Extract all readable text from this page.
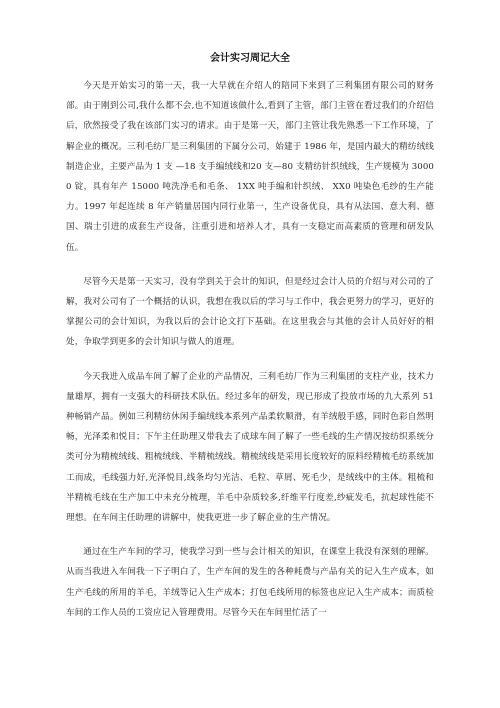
会计实习周记大全

今天是开始实习的第一天，我一大早就在介绍人的陪同下来到了三利集团有限公司的财务部。由于刚到公司,我什么都不会,也不知道该做什么,看到了主管，部门主管在看过我们的介绍信后，欣然接受了我在该部门实习的请求。由于是第一天，部门主管让我先熟悉一下工作环境，了解企业的概况。三利毛纺厂是三利集团的下属分公司，始建于 1986 年，是国内最大的精纺绒线制造企业，主要产品为 1 支 —18 支手编绒线和20 支—80 支精纺针织绒线，生产规模为 30000 锭，具有年产 15000 吨洗净毛和毛条、 1XX 吨手编和针织绒、 XX0 吨染色毛纱的生产能力。1997 年起连续 8 年产销量居国内同行业第一，生产设备优良，具有从法国、意大利、德国、瑞士引进的成套生产设备，注重引进和培养人才，具有一支稳定而高素质的管理和研发队伍。

尽管今天是第一天实习，没有学到关于会计的知识，但是经过会计人员的介绍与对公司的了解，我对公司有了一个概括的认识，我想在我以后的学习与工作中，我会更努力的学习，更好的掌握公司的会计知识，为我以后的会计论文打下基础。在这里我会与其他的会计人员好好的相处，争取学到更多的会计知识与做人的道理。

今天我进入成品车间了解了企业的产品情况，三利毛纺厂作为三利集团的支柱产业，技术力量雄厚，拥有一支强大的科研技术队伍。经过多年的研发，现已形成了投放市场的九大系列 51 种畅销产品。例如三利精纺休闲手编绒线本系列产品柔软顺滑，有羊绒般手感，同时色彩自然明畅，光泽柔和悦目；下午主任助理又带我去了成球车间了解了一些毛线的生产情况按纺织系统分类可分为精梳绒线、粗梳绒线、半精梳绒线。精梳绒线是采用长度较好的原料经精梳毛纺系统加工而成，毛线强力好,光泽悦目,线条均匀光洁、毛粒、草屑、死毛少，是绒线中的主体。粗梳和半精梳毛线在生产加工中未充分梳理，羊毛中杂质较多,纤维平行度差,纱疵发毛，抗起球性能不理想。在车间主任助理的讲解中，使我更进一步了解企业的生产情况。

通过在生产车间的学习，使我学习到一些与会计相关的知识，在课堂上我没有深刻的理解。从而当我进入车间我一下子明白了，生产车间的发生的各种耗费与产品有关的记入生产成本，如生产毛线的所用的羊毛，羊绒等记入生产成本；打包毛线所用的标签也应记入生产成本；而质检车间的工作人员的工资应记入管理费用。尽管今天在车间里忙活了一
